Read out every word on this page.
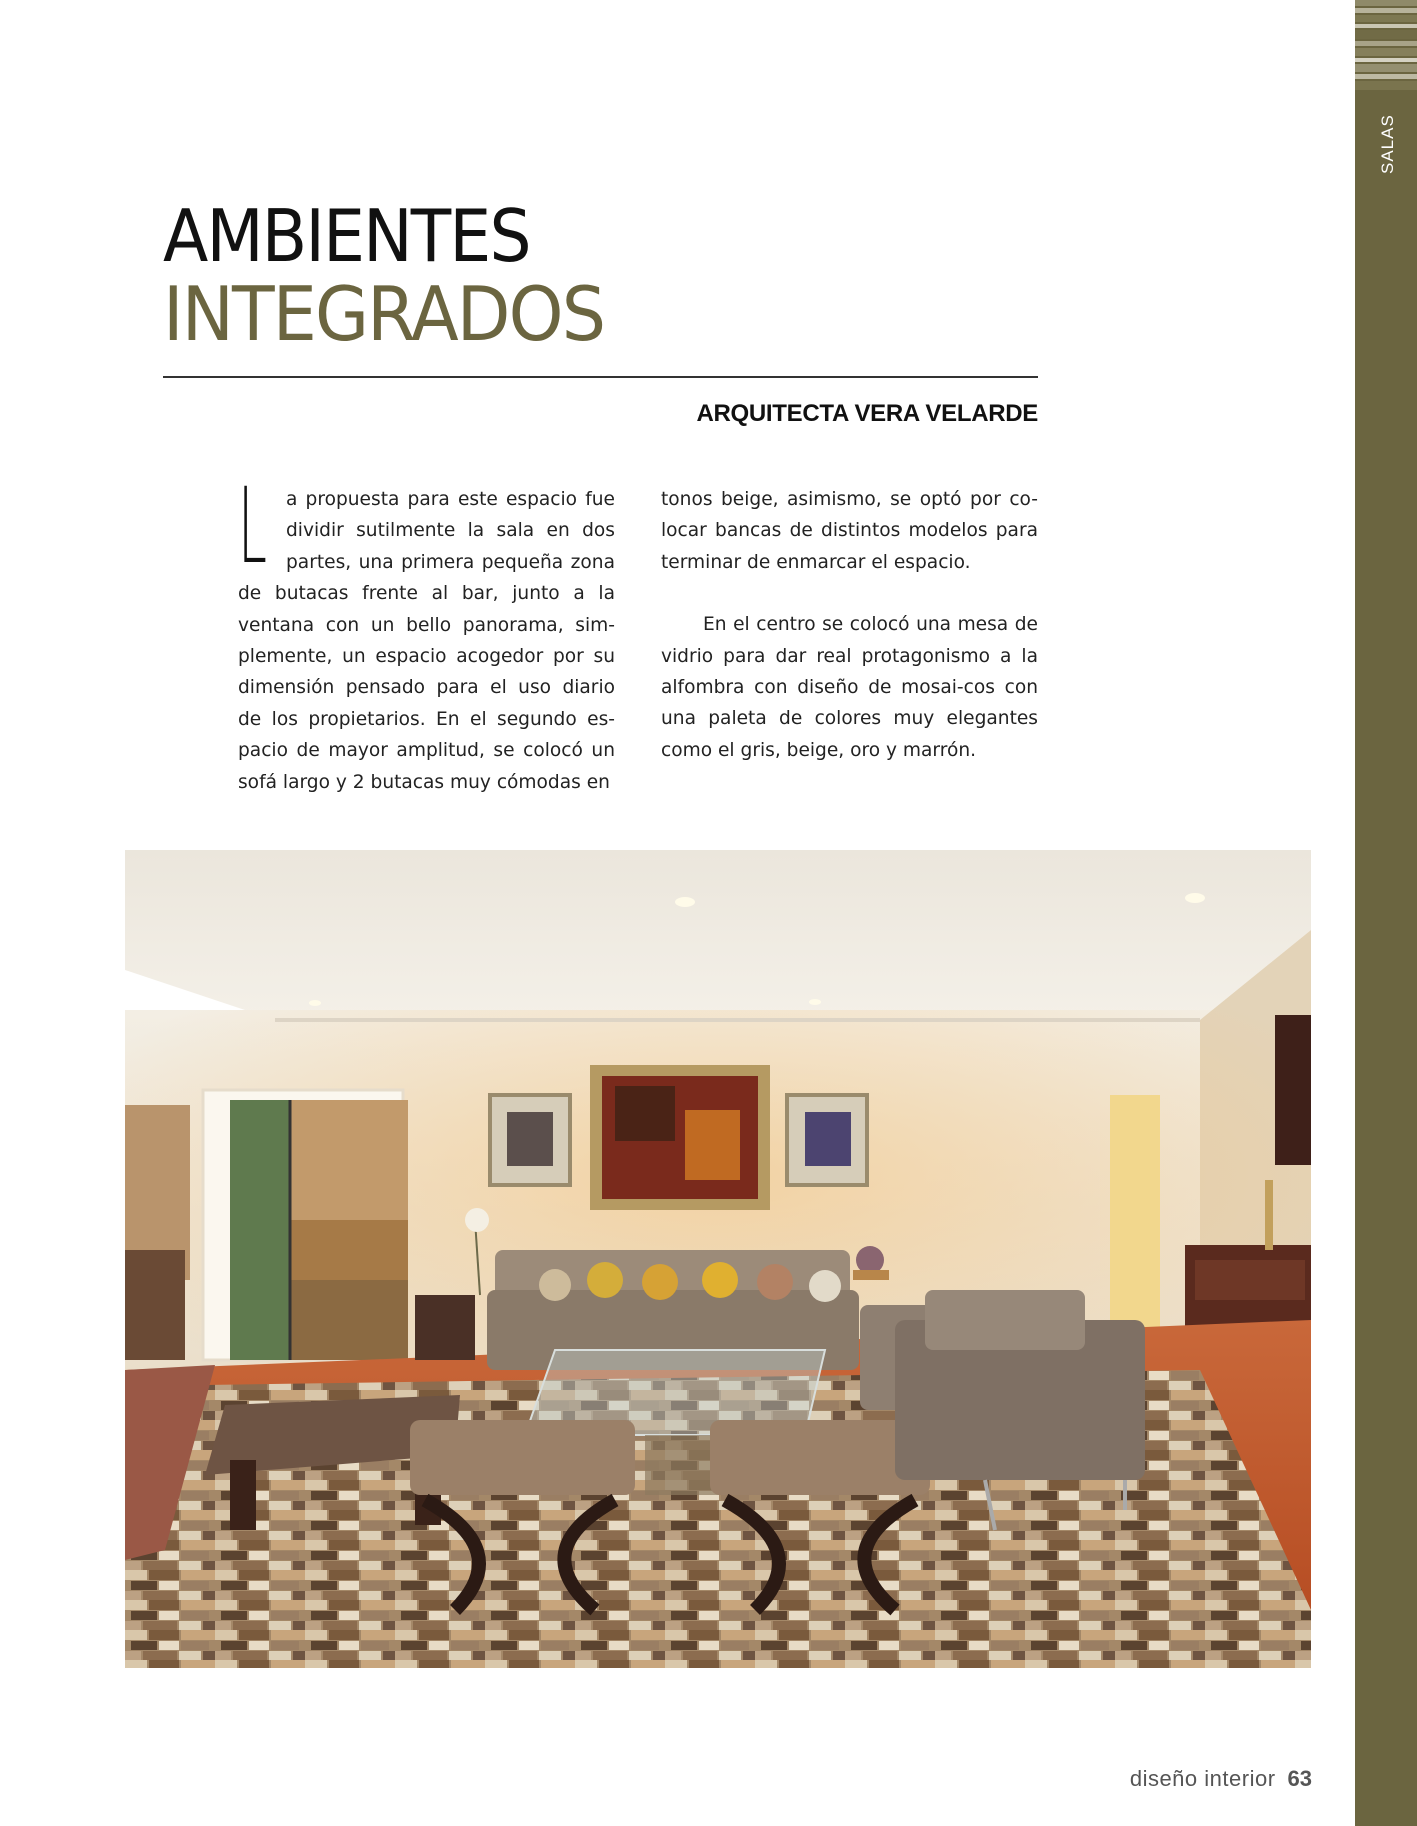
SALAS
AMBIENTES
INTEGRADOS
ARQUITECTA VERA VELARDE

L a propuesta para este espacio fue dividir sutilmente la sala en dos partes, una primera pequeña zona de butacas frente al bar, junto a la ventana con un bello panorama, sim-plemente, un espacio acogedor por su dimensión pensado para el uso diario de los propietarios. En el segundo es-pacio de mayor amplitud, se colocó un sofá largo y 2 butacas muy cómodas en

tonos beige, asimismo, se optó por co-locar bancas de distintos modelos para terminar de enmarcar el espacio.

En el centro se colocó una mesa de vidrio para dar real protagonismo a la alfombra con diseño de mosai-cos con una paleta de colores muy elegantes como el gris, beige, oro y marrón.

diseño interior 63
